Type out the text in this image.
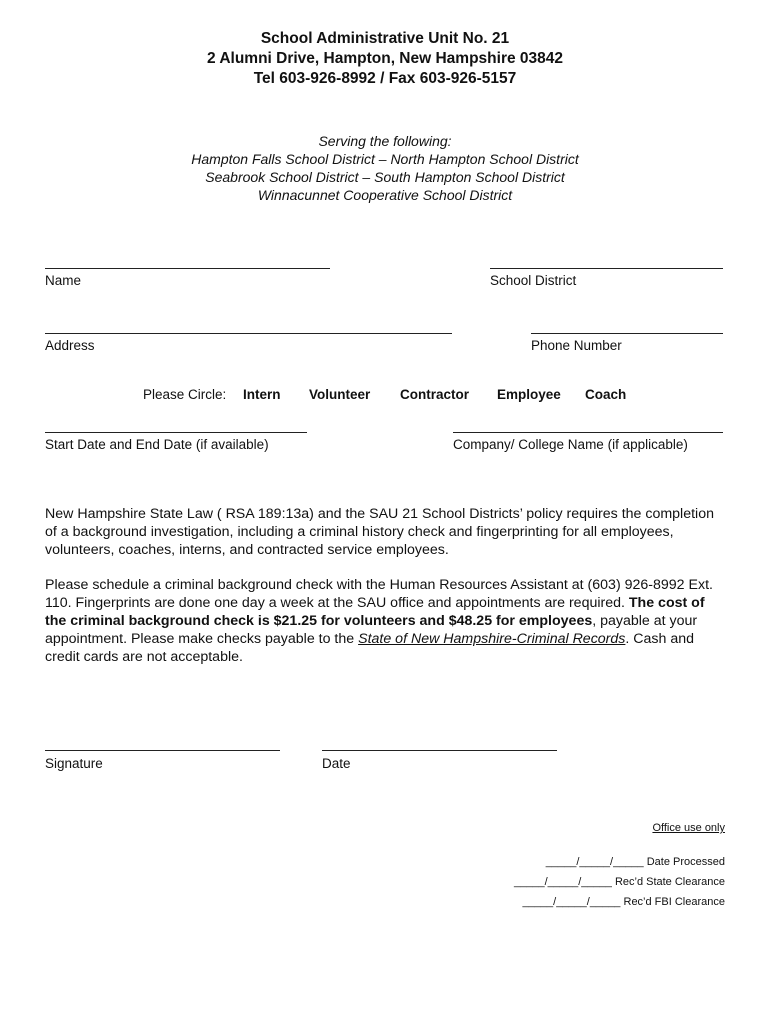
School Administrative Unit No. 21
2 Alumni Drive, Hampton, New Hampshire 03842
Tel 603-926-8992 / Fax 603-926-5157
Serving the following:
Hampton Falls School District – North Hampton School District
Seabrook School District – South Hampton School District
Winnacunnet Cooperative School District
Name	School District
Address	Phone Number
Please Circle: Intern Volunteer Contractor Employee Coach
Start Date and End Date (if available)	Company/ College Name (if applicable)
New Hampshire State Law ( RSA 189:13a) and the SAU 21 School Districts’ policy requires the completion of a background investigation, including a criminal history check and fingerprinting for all employees, volunteers, coaches, interns, and contracted service employees.
Please schedule a criminal background check with the Human Resources Assistant at (603) 926-8992 Ext. 110. Fingerprints are done one day a week at the SAU office and appointments are required. The cost of the criminal background check is $21.25 for volunteers and $48.25 for employees, payable at your appointment. Please make checks payable to the State of New Hampshire-Criminal Records. Cash and credit cards are not acceptable.
Signature	Date
Office use only
_____/_____/_____ Date Processed
_____/_____/_____ Rec’d State Clearance
_____/_____/_____ Rec’d FBI Clearance
